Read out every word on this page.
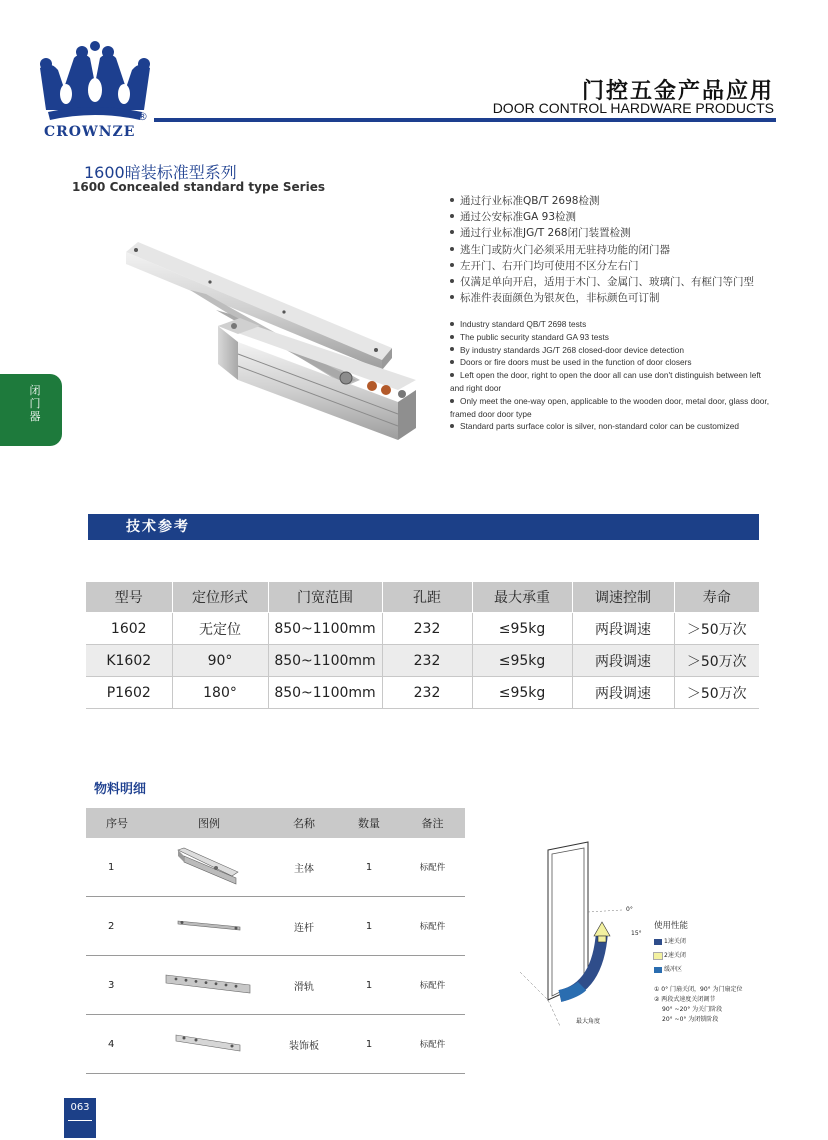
CROWNZE
®
门控五金产品应用
DOOR CONTROL HARDWARE PRODUCTS
1600暗装标准型系列
1600 Concealed standard type Series
通过行业标准QB/T 2698检测
通过公安标准GA 93检测
通过行业标准JG/T 268闭门装置检测
逃生门或防火门必须采用无驻持功能的闭门器
左开门、右开门均可使用不区分左右门
仅满足单向开启，适用于木门、金属门、玻璃门、有框门等门型
标准件表面颜色为银灰色，非标颜色可订制
Industry standard QB/T 2698 tests
The public security standard GA 93 tests
By industry standards JG/T 268 closed-door device detection
Doors or fire doors must be used in the function of door closers
Left open the door, right to open the door all can use don't distinguish between left and right door
Only meet the one-way open, applicable to the wooden door, metal door, glass door, framed door door type
Standard parts surface color is silver, non-standard color can be customized
闭门器
技术参考
型号	定位形式	门宽范围	孔距	最大承重	调速控制	寿命
1602	无定位	850~1100mm	232	≤95kg	两段调速	＞50万次
K1602	90°	850~1100mm	232	≤95kg	两段调速	＞50万次
P1602	180°	850~1100mm	232	≤95kg	两段调速	＞50万次
物料明细
序号	图例	名称	数量	备注
1		主体	1	标配件
2		连杆	1	标配件
3		滑轨	1	标配件
4		装饰板	1	标配件
0°
15°
最大角度
使用性能
1速关闭
2速关闭
缓冲区
① 0° 门扇关闭，90° 为门扇定位
② 两段式速度关闭调节
90° ~20° 为关门阶段
20° ~0° 为闭锁阶段
063
